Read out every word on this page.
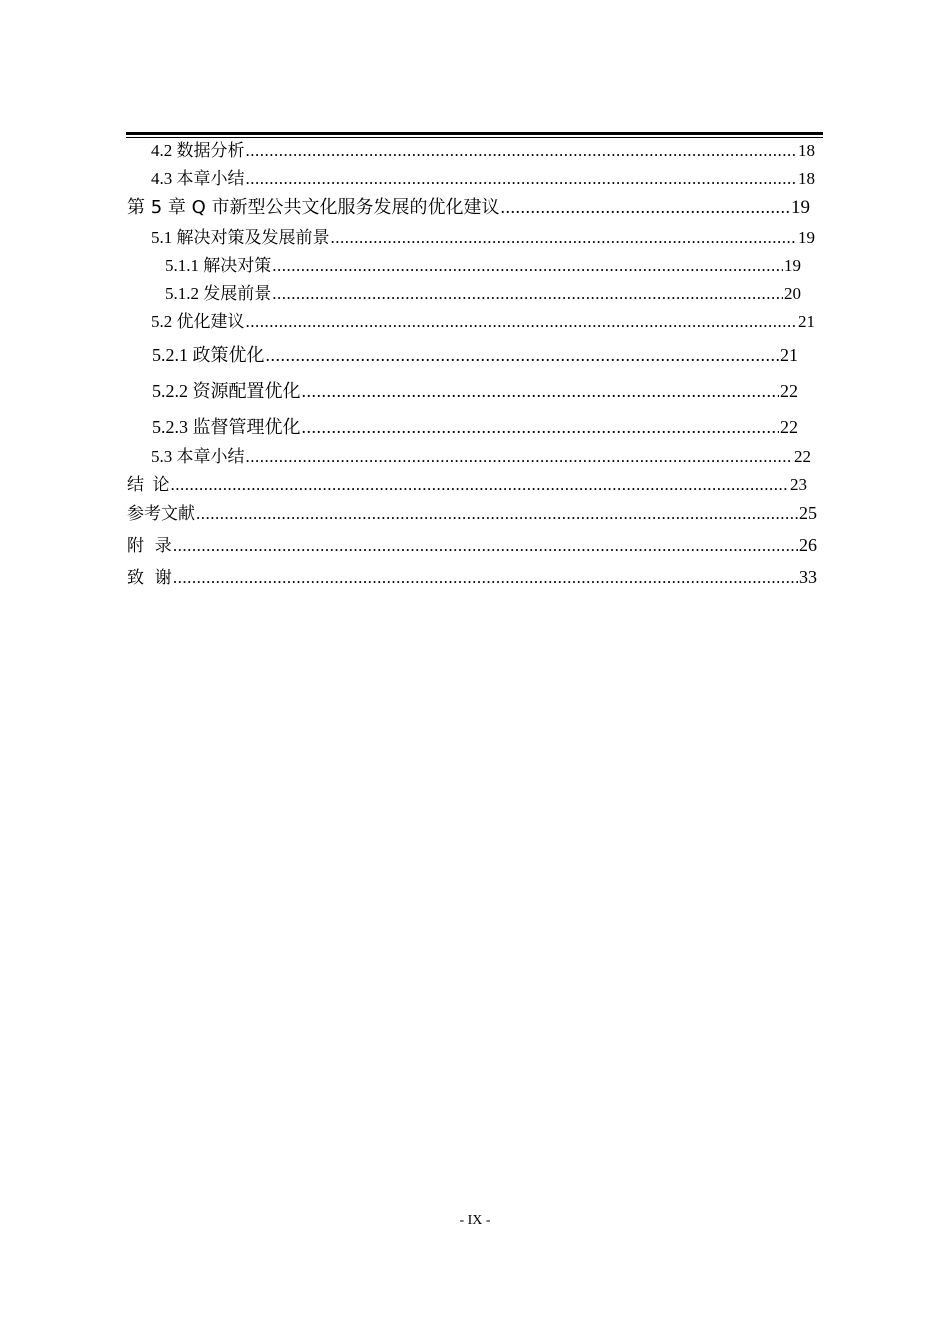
4.2 数据分析 .....	18
4.3 本章小结 .....	18
第 5 章 Q 市新型公共文化服务发展的优化建议 .....	19
5.1 解决对策及发展前景 .....	19
5.1.1 解决对策 .....	19
5.1.2 发展前景 .....	20
5.2 优化建议 .....	21
5.2.1 政策优化 .....	21
5.2.2 资源配置优化 .....	22
5.2.3 监督管理优化 .....	22
5.3 本章小结 .....	22
结  论 .....	23
参考文献 .....	25
附  录 .....	26
致  谢 .....	33
- IX -
